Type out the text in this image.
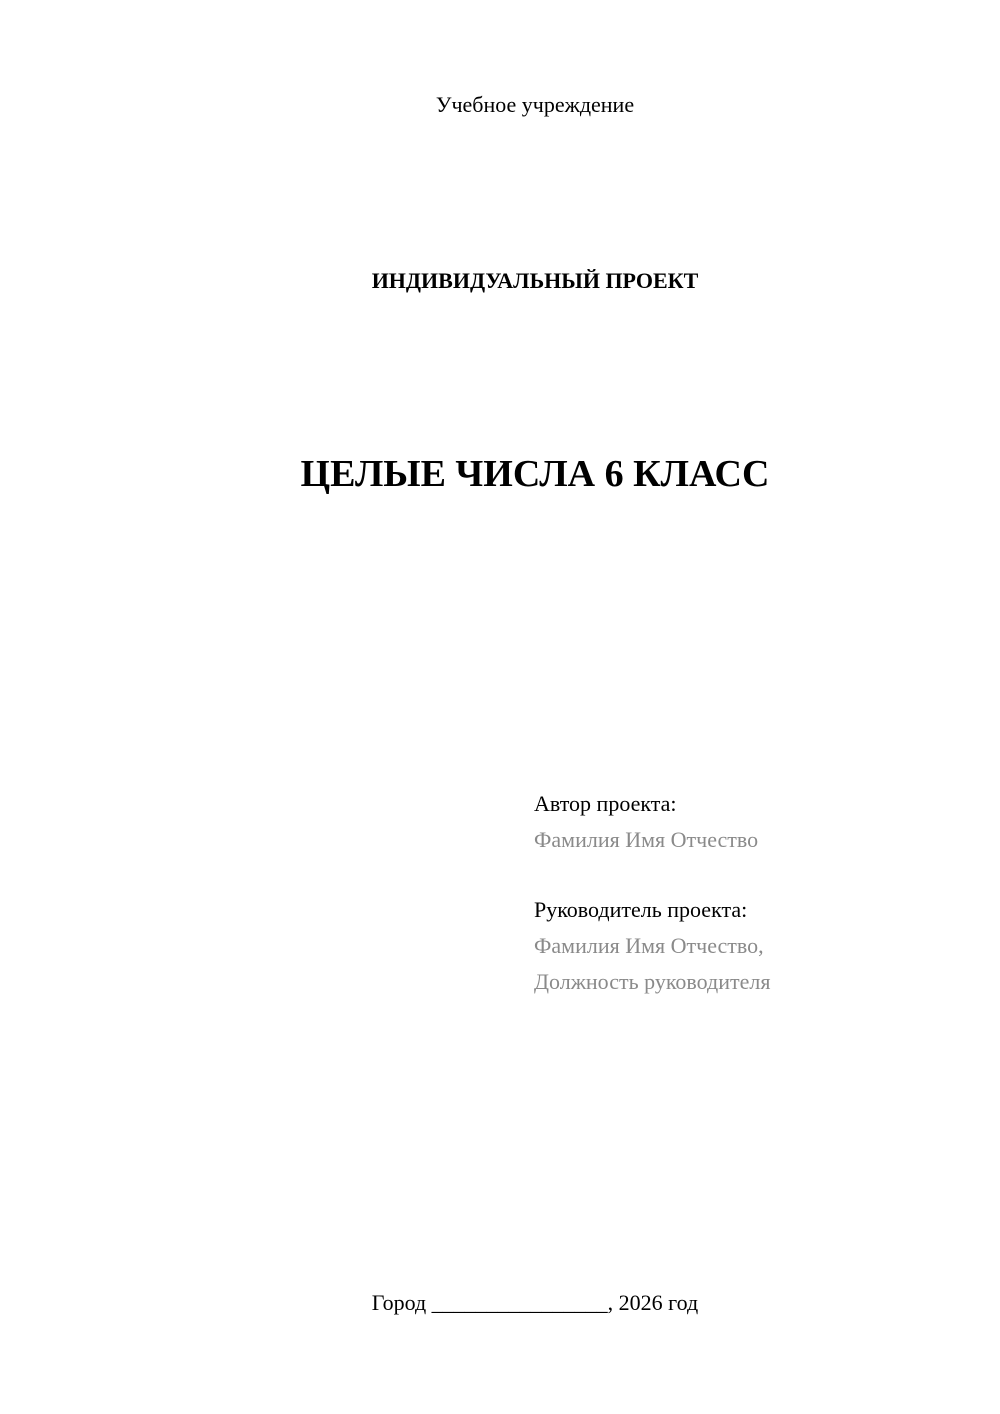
Учебное учреждение
ИНДИВИДУАЛЬНЫЙ ПРОЕКТ
ЦЕЛЫЕ ЧИСЛА 6 КЛАСС
Автор проекта:
Фамилия Имя Отчество
Руководитель проекта:
Фамилия Имя Отчество,
Должность руководителя
Город ________________, 2026 год
